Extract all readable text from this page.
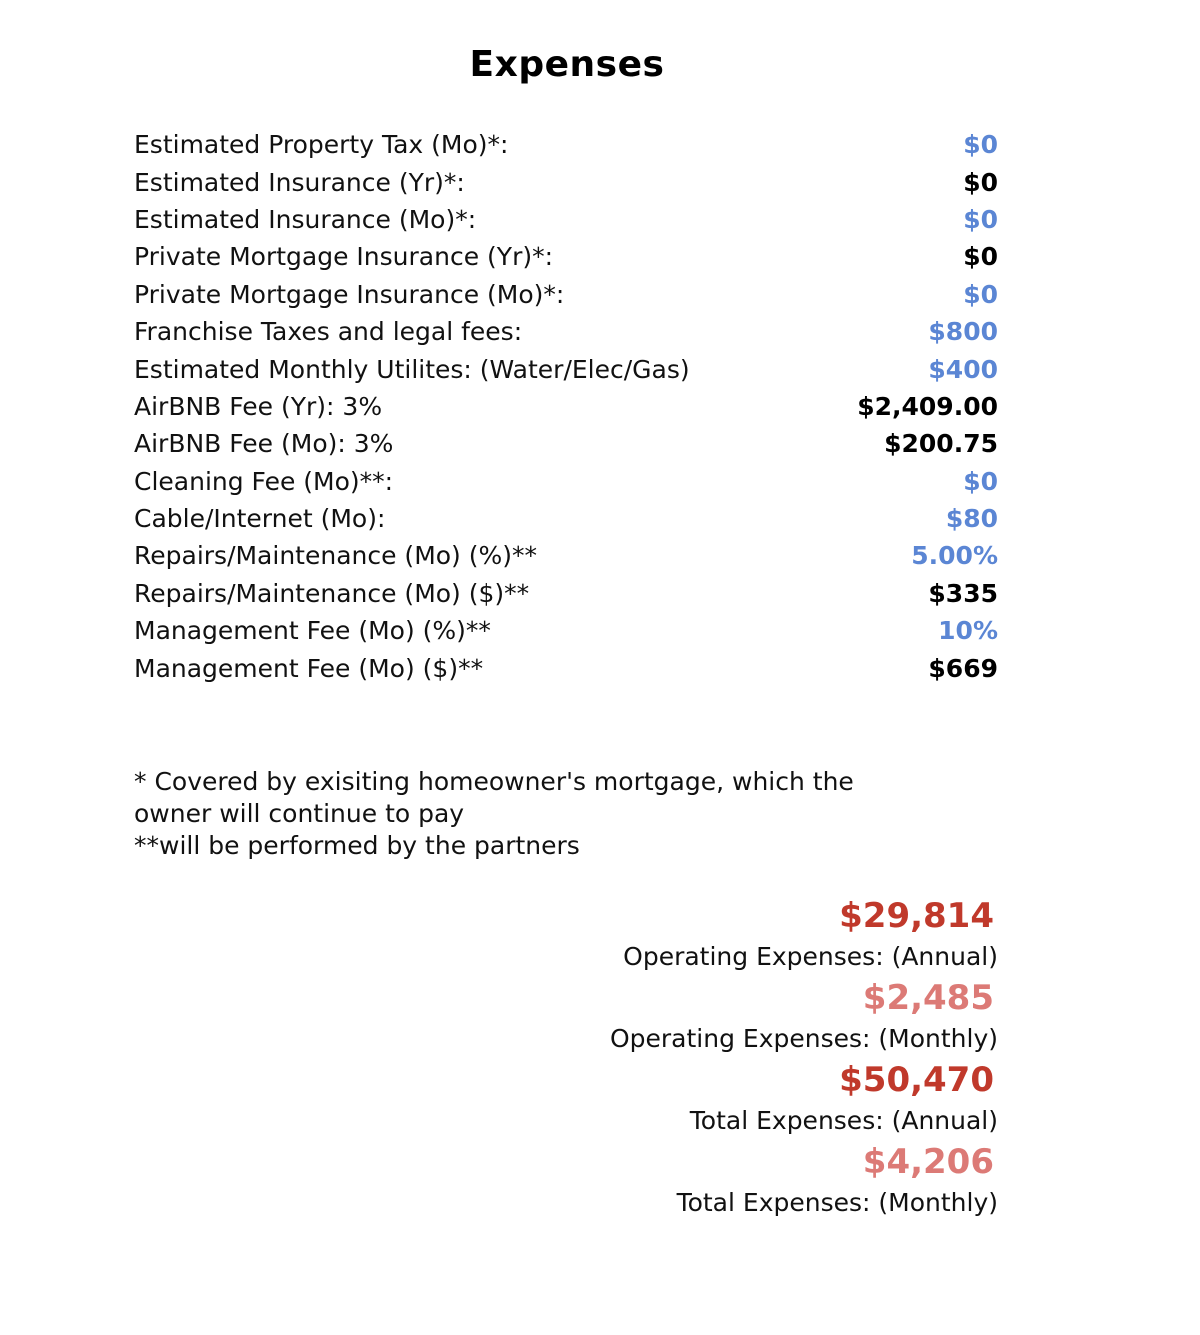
Expenses
Estimated Property Tax (Mo)*:	$0
Estimated Insurance (Yr)*:	$0
Estimated Insurance (Mo)*:	$0
Private Mortgage Insurance (Yr)*:	$0
Private Mortgage Insurance (Mo)*:	$0
Franchise Taxes and legal fees:	$800
Estimated Monthly Utilites: (Water/Elec/Gas)	$400
AirBNB Fee (Yr): 3%	$2,409.00
AirBNB Fee (Mo): 3%	$200.75
Cleaning Fee (Mo)**:	$0
Cable/Internet (Mo):	$80
Repairs/Maintenance (Mo) (%)**	5.00%
Repairs/Maintenance (Mo) ($)**	$335
Management Fee (Mo) (%)**	10%
Management Fee (Mo) ($)**	$669
* Covered by exisiting homeowner's mortgage, which the
owner will continue to pay
**will be performed by the partners
$29,814
Operating Expenses: (Annual)
$2,485
Operating Expenses: (Monthly)
$50,470
Total Expenses: (Annual)
$4,206
Total Expenses: (Monthly)
